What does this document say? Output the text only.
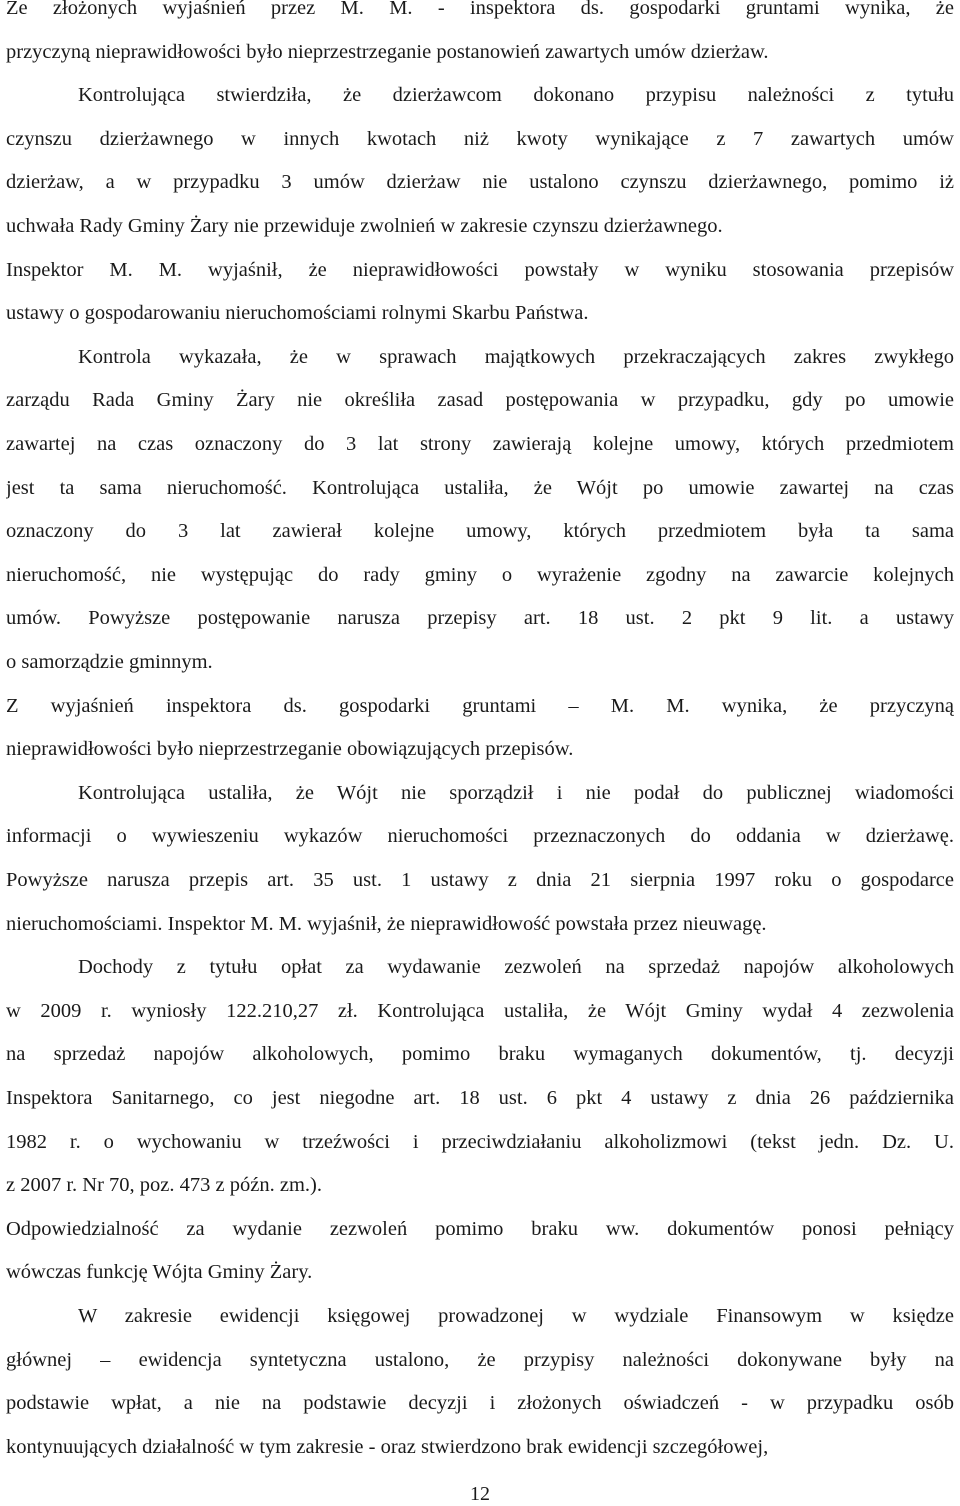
Ze złożonych wyjaśnień przez M. M. - inspektora ds. gospodarki gruntami wynika, że
przyczyną nieprawidłowości było nieprzestrzeganie postanowień zawartych umów dzierżaw.
Kontrolująca stwierdziła, że dzierżawcom dokonano przypisu należności z tytułu
czynszu dzierżawnego w innych kwotach niż kwoty wynikające z 7 zawartych umów
dzierżaw, a w przypadku 3 umów dzierżaw nie ustalono czynszu dzierżawnego, pomimo iż
uchwała Rady Gminy Żary nie przewiduje zwolnień w zakresie czynszu dzierżawnego.
Inspektor M. M. wyjaśnił, że nieprawidłowości powstały w wyniku stosowania przepisów
ustawy o gospodarowaniu nieruchomościami rolnymi Skarbu Państwa.
Kontrola wykazała, że w sprawach majątkowych przekraczających zakres zwykłego
zarządu Rada Gminy Żary nie określiła zasad postępowania w przypadku, gdy po umowie
zawartej na czas oznaczony do 3 lat strony zawierają kolejne umowy, których przedmiotem
jest ta sama nieruchomość. Kontrolująca ustaliła, że Wójt po umowie zawartej na czas
oznaczony do 3 lat zawierał kolejne umowy, których przedmiotem była ta sama
nieruchomość, nie występując do rady gminy o wyrażenie zgodny na zawarcie kolejnych
umów. Powyższe postępowanie narusza przepisy art. 18 ust. 2 pkt 9 lit. a ustawy
o samorządzie gminnym.
Z wyjaśnień inspektora ds. gospodarki gruntami – M. M. wynika, że przyczyną
nieprawidłowości było nieprzestrzeganie obowiązujących przepisów.
Kontrolująca ustaliła, że Wójt nie sporządził i nie podał do publicznej wiadomości
informacji o wywieszeniu wykazów nieruchomości przeznaczonych do oddania w dzierżawę.
Powyższe narusza przepis art. 35 ust. 1 ustawy z dnia 21 sierpnia 1997 roku o gospodarce
nieruchomościami. Inspektor M. M. wyjaśnił, że nieprawidłowość powstała przez nieuwagę.
Dochody z tytułu opłat za wydawanie zezwoleń na sprzedaż napojów alkoholowych
w 2009 r. wyniosły 122.210,27 zł. Kontrolująca ustaliła, że Wójt Gminy wydał 4 zezwolenia
na sprzedaż napojów alkoholowych, pomimo braku wymaganych dokumentów, tj. decyzji
Inspektora Sanitarnego, co jest niegodne art. 18 ust. 6 pkt 4 ustawy z dnia 26 października
1982 r. o wychowaniu w trzeźwości i przeciwdziałaniu alkoholizmowi (tekst jedn. Dz. U.
z 2007 r. Nr 70, poz. 473 z późn. zm.).
Odpowiedzialność za wydanie zezwoleń pomimo braku ww. dokumentów ponosi pełniący
wówczas funkcję Wójta Gminy Żary.
W zakresie ewidencji księgowej prowadzonej w wydziale Finansowym w księdze
głównej – ewidencja syntetyczna ustalono, że przypisy należności dokonywane były na
podstawie wpłat, a nie na podstawie decyzji i złożonych oświadczeń - w przypadku osób
kontynuujących działalność w tym zakresie - oraz stwierdzono brak ewidencji szczegółowej,
12
